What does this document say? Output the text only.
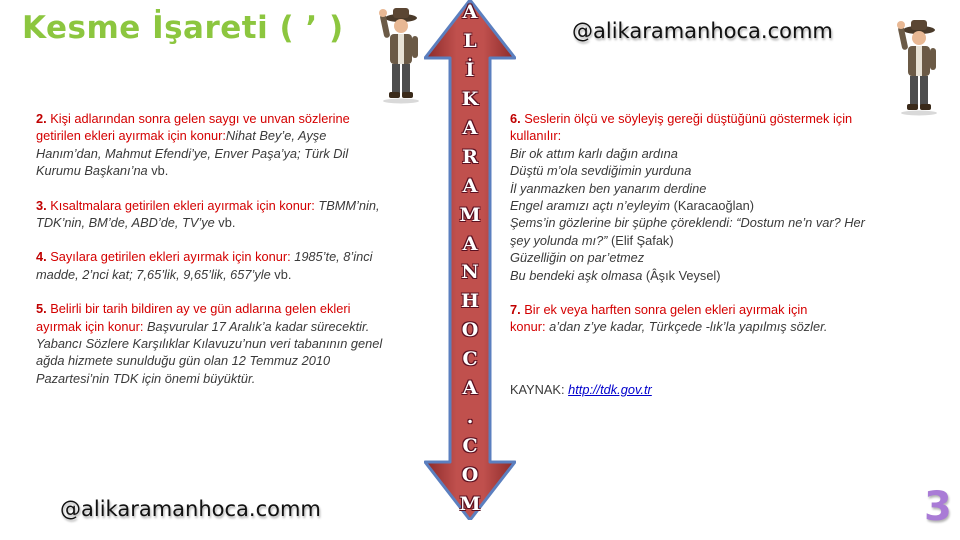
Kesme İşareti ( ’ )	@alikaramanhoca.comm
A
L
İ
K
A
R
A
M
A
N
H
O
C
A
.
C
O
M

2. Kişi adlarından sonra gelen saygı ve unvan sözlerine
getirilen ekleri ayırmak için konur:Nihat Bey’e, Ayşe
Hanım’dan, Mahmut Efendi’ye, Enver Paşa’ya; Türk Dil
Kurumu Başkanı’na vb.

3. Kısaltmalara getirilen ekleri ayırmak için konur: TBMM’nin,
TDK’nin, BM’de, ABD’de, TV’ye vb.

4. Sayılara getirilen ekleri ayırmak için konur: 1985’te, 8’inci
madde, 2’nci kat; 7,65’lik, 9,65’lik, 657’yle vb.

5. Belirli bir tarih bildiren ay ve gün adlarına gelen ekleri
ayırmak için konur: Başvurular 17 Aralık’a kadar sürecektir.
Yabancı Sözlere Karşılıklar Kılavuzu’nun veri tabanının genel
ağda hizmete sunulduğu gün olan 12 Temmuz 2010
Pazartesi’nin TDK için önemi büyüktür.

6. Seslerin ölçü ve söyleyiş gereği düştüğünü göstermek için
kullanılır:
Bir ok attım karlı dağın ardına
Düştü m’ola sevdiğimin yurduna
İl yanmazken ben yanarım derdine
Engel aramızı açtı n’eyleyim (Karacaoğlan)
Şems’in gözlerine bir şüphe çöreklendi: “Dostum ne’n var? Her
şey yolunda mı?” (Elif Şafak)
Güzelliğin on par’etmez
Bu bendeki aşk olmasa (Âşık Veysel)

7. Bir ek veya harften sonra gelen ekleri ayırmak için
konur: a’dan z’ye kadar, Türkçede -lık’la yapılmış sözler.

KAYNAK: http://tdk.gov.tr

@alikaramanhoca.comm	3
